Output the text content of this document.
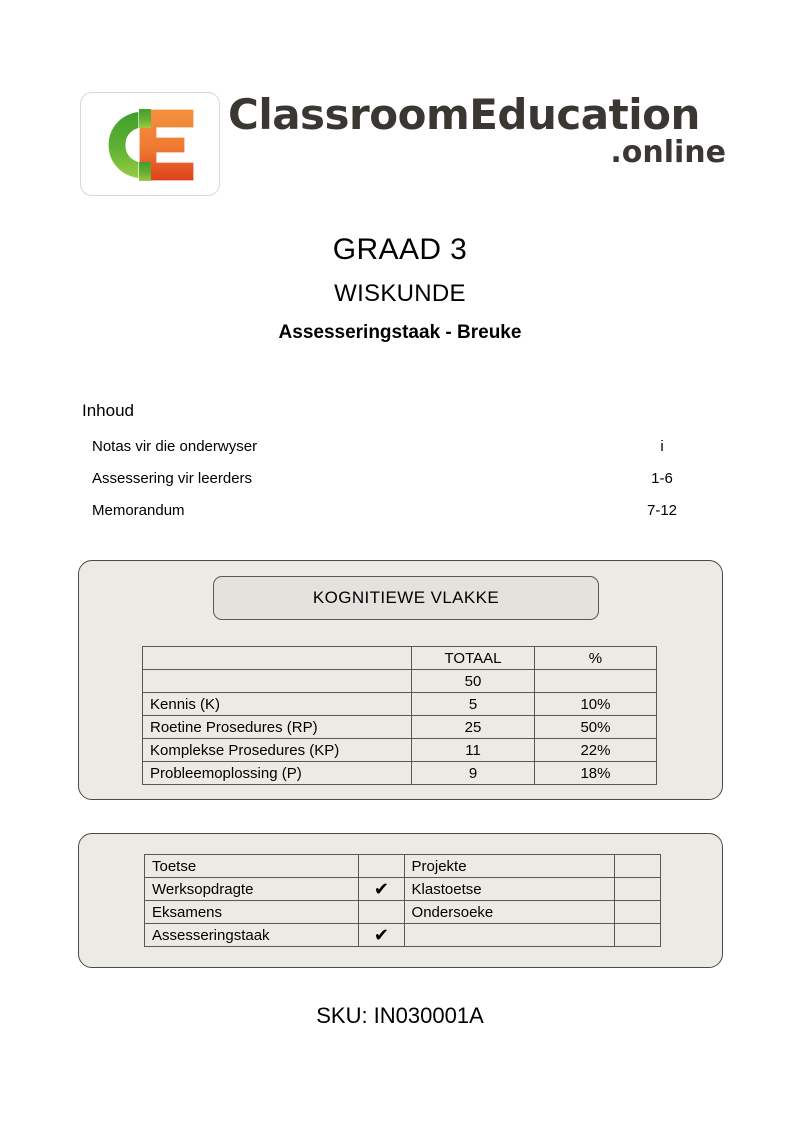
ClassroomEducation
.online
GRAAD 3
WISKUNDE
Assesseringstaak - Breuke
Inhoud
Notas vir die onderwyser	i
Assessering vir leerders	1-6
Memorandum	7-12
KOGNITIEWE VLAKKE
	TOTAAL	%
	50	
Kennis (K)	5	10%
Roetine Prosedures (RP)	25	50%
Komplekse Prosedures (KP)	11	22%
Probleemoplossing (P)	9	18%
Toetse		Projekte	
Werksopdragte	✔	Klastoetse	
Eksamens		Ondersoeke	
Assesseringstaak	✔		
SKU: IN030001A
